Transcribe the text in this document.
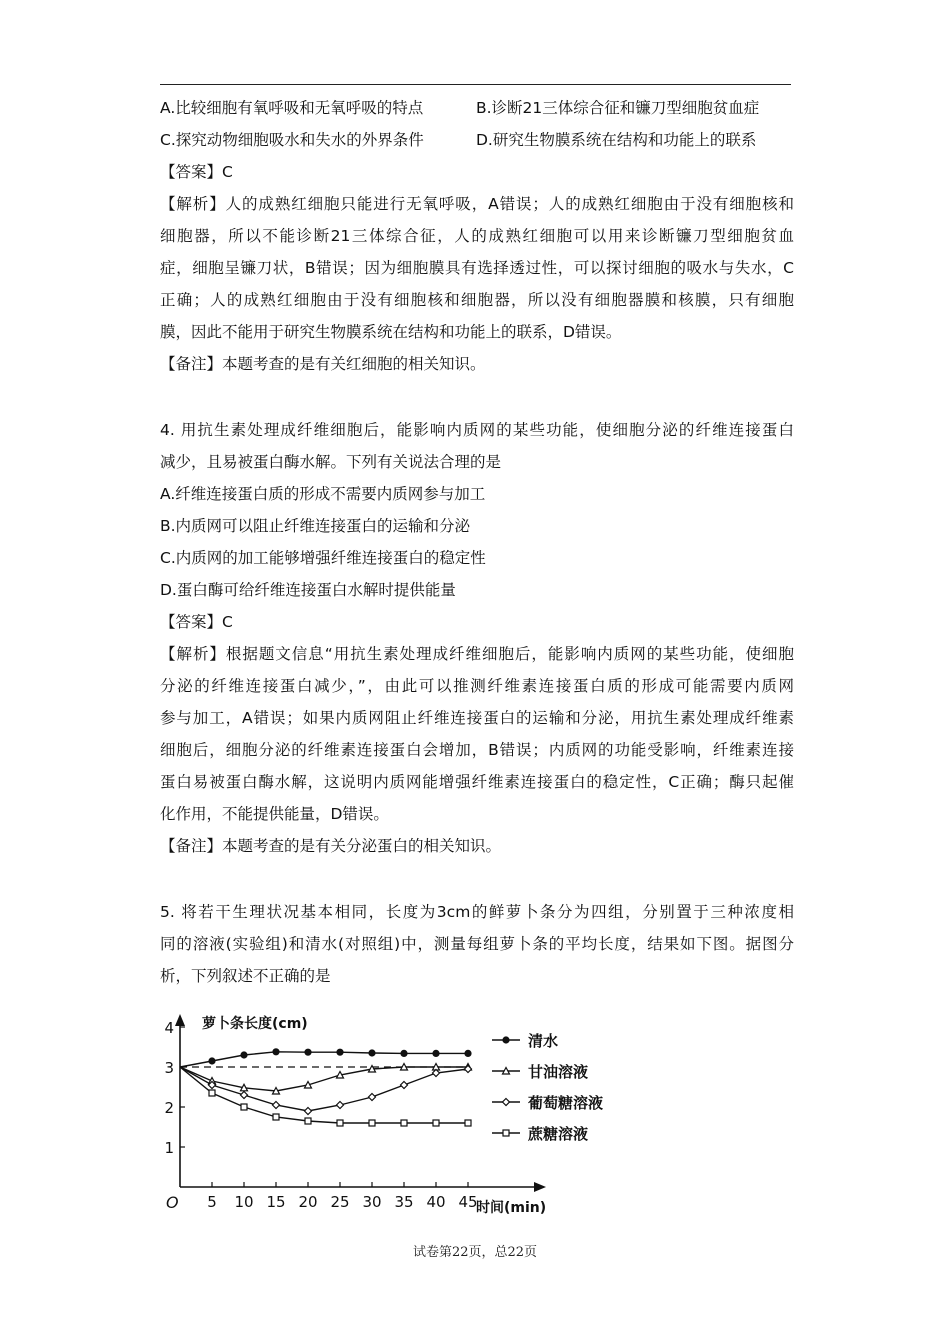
A.比较细胞有氧呼吸和无氧呼吸的特点	B.诊断21三体综合征和镰刀型细胞贫血症
C.探究动物细胞吸水和失水的外界条件	D.研究生物膜系统在结构和功能上的联系
【答案】C
【解析】人的成熟红细胞只能进行无氧呼吸，A错误；人的成熟红细胞由于没有细胞核和
细胞器，所以不能诊断21三体综合征，人的成熟红细胞可以用来诊断镰刀型细胞贫血
症，细胞呈镰刀状，B错误；因为细胞膜具有选择透过性，可以探讨细胞的吸水与失水，C
正确；人的成熟红细胞由于没有细胞核和细胞器，所以没有细胞器膜和核膜，只有细胞
膜，因此不能用于研究生物膜系统在结构和功能上的联系，D错误。
【备注】本题考查的是有关红细胞的相关知识。
4. 用抗生素处理成纤维细胞后，能影响内质网的某些功能，使细胞分泌的纤维连接蛋白
减少，且易被蛋白酶水解。下列有关说法合理的是
A.纤维连接蛋白质的形成不需要内质网参与加工
B.内质网可以阻止纤维连接蛋白的运输和分泌
C.内质网的加工能够增强纤维连接蛋白的稳定性
D.蛋白酶可给纤维连接蛋白水解时提供能量
【答案】C
【解析】根据题文信息“用抗生素处理成纤维细胞后，能影响内质网的某些功能，使细胞
分泌的纤维连接蛋白减少，”，由此可以推测纤维素连接蛋白质的形成可能需要内质网
参与加工，A错误；如果内质网阻止纤维连接蛋白的运输和分泌，用抗生素处理成纤维素
细胞后，细胞分泌的纤维素连接蛋白会增加，B错误；内质网的功能受影响，纤维素连接
蛋白易被蛋白酶水解，这说明内质网能增强纤维素连接蛋白的稳定性，C正确；酶只起催
化作用，不能提供能量，D错误。
【备注】本题考查的是有关分泌蛋白的相关知识。
5. 将若干生理状况基本相同，长度为3cm的鲜萝卜条分为四组，分别置于三种浓度相
同的溶液(实验组)和清水(对照组)中，测量每组萝卜条的平均长度，结果如下图。据图分
析，下列叙述不正确的是
萝卜条长度(cm)
时间(min)
O 5 10 15 20 25 30 35 40 45
1
2
3
4
清水
甘油溶液
葡萄糖溶液
蔗糖溶液
试卷第22页，总22页
